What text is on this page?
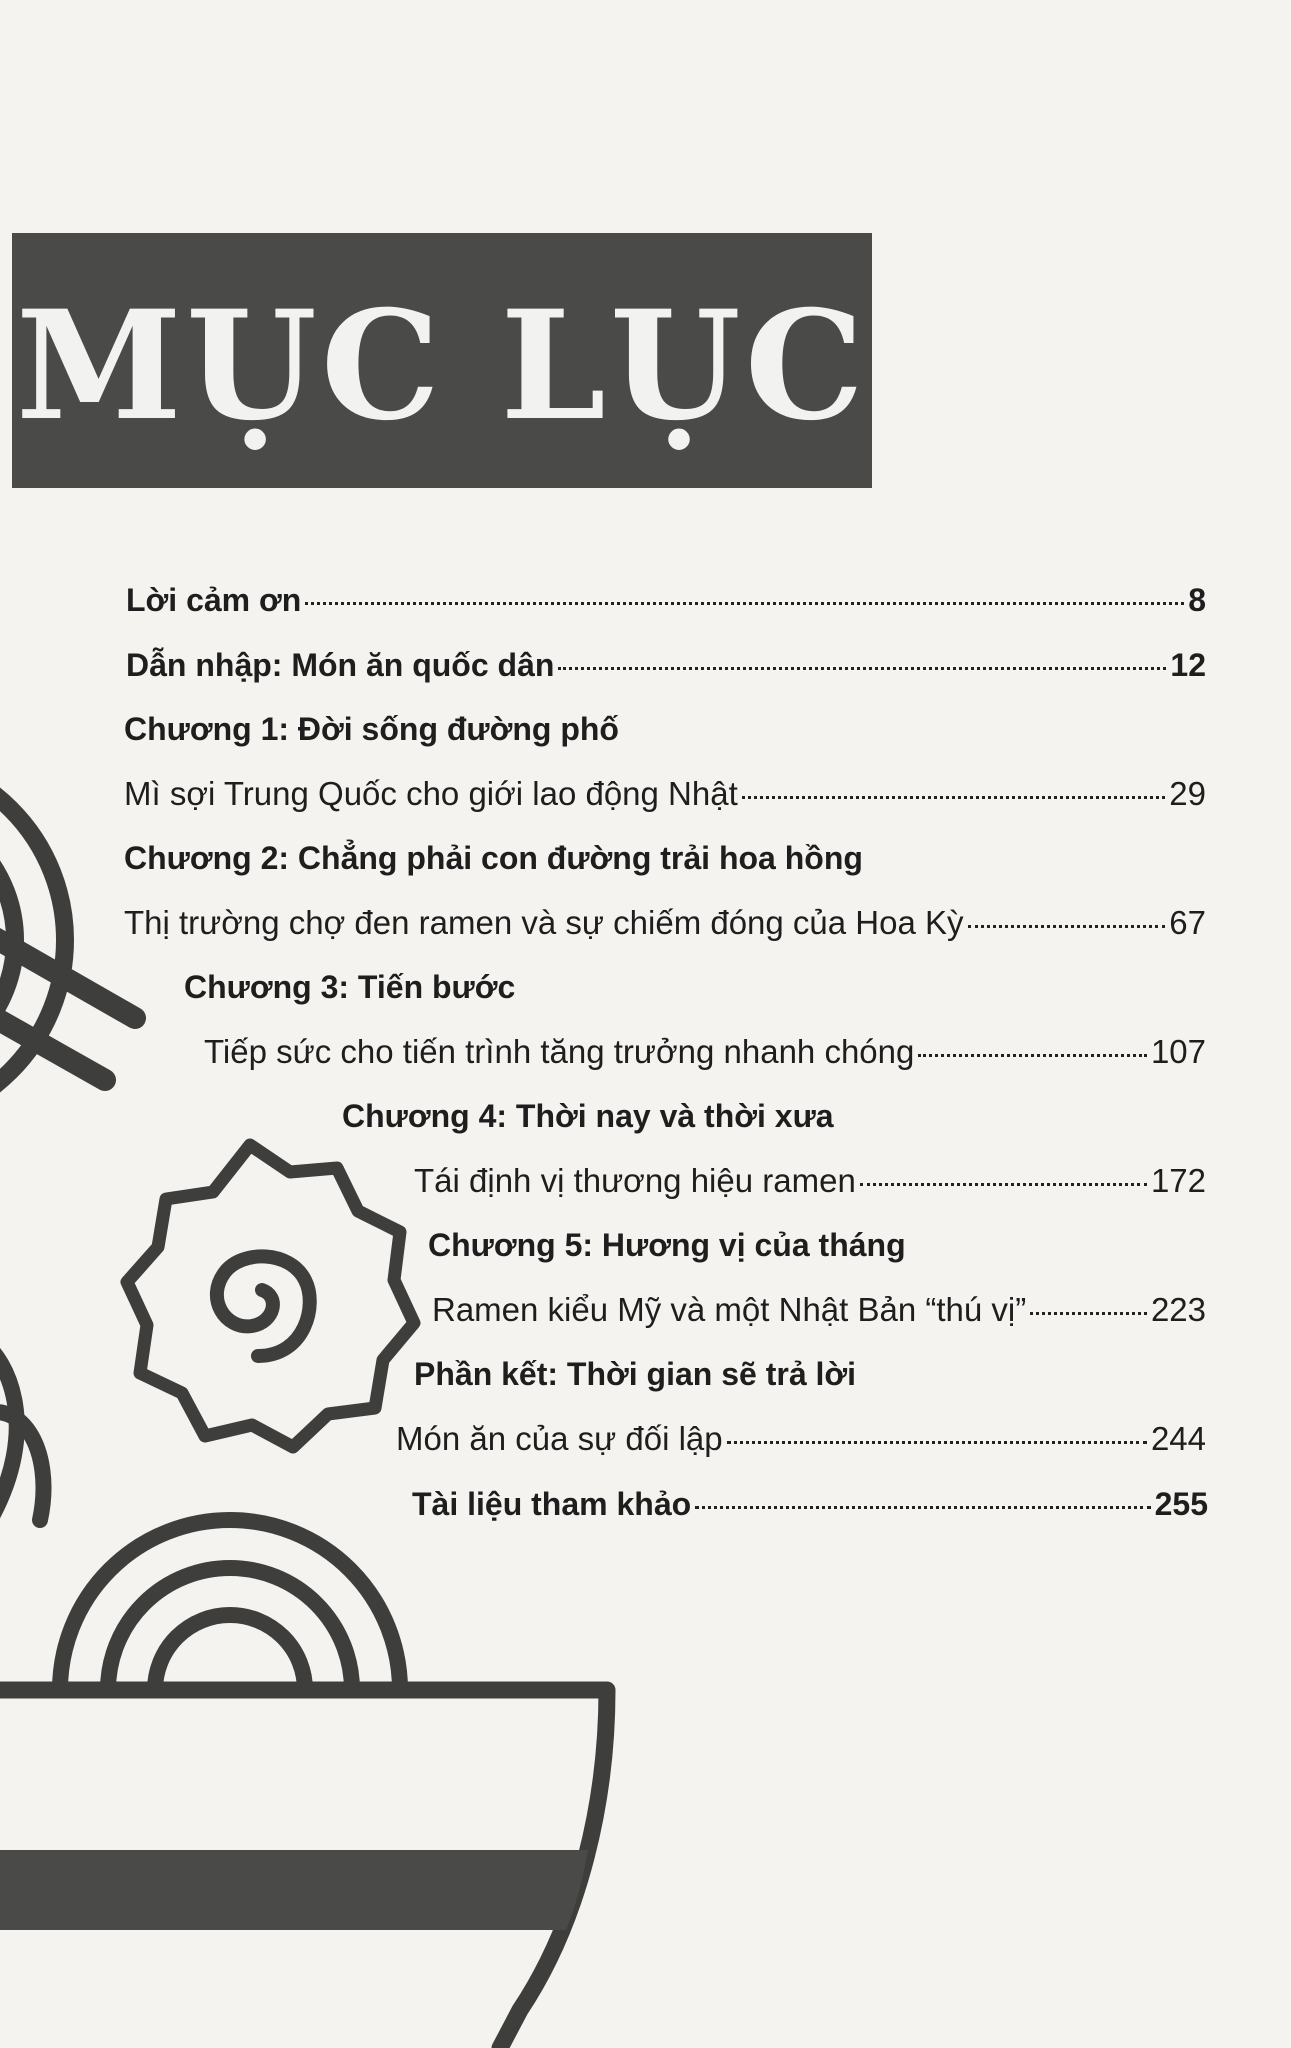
MỤC LỤC
Lời cảm ơn	8
Dẫn nhập: Món ăn quốc dân	12
Chương 1: Đời sống đường phố
Mì sợi Trung Quốc cho giới lao động Nhật	29
Chương 2: Chẳng phải con đường trải hoa hồng
Thị trường chợ đen ramen và sự chiếm đóng của Hoa Kỳ	67
Chương 3: Tiến bước
Tiếp sức cho tiến trình tăng trưởng nhanh chóng	107
Chương 4: Thời nay và thời xưa
Tái định vị thương hiệu ramen	172
Chương 5: Hương vị của tháng
Ramen kiểu Mỹ và một Nhật Bản “thú vị”	223
Phần kết: Thời gian sẽ trả lời
Món ăn của sự đối lập	244
Tài liệu tham khảo	255
